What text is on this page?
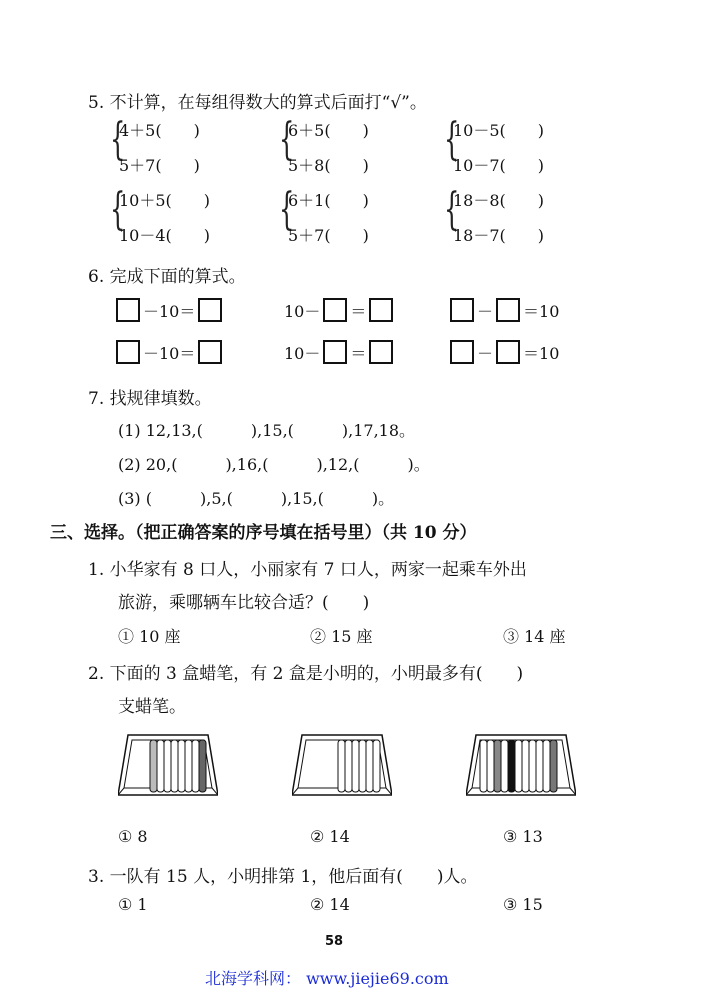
5. 不计算，在每组得数大的算式后面打“√”。
{
4＋5(　　)
5＋7(　　)
{
6＋5(　　)
5＋8(　　)
{
10－5(　　)
10－7(　　)
{
10＋5(　　)
10－4(　　)
{
6＋1(　　)
5＋7(　　)
{
18－8(　　)
18－7(　　)
6. 完成下面的算式。
－10＝	10－ ＝	－ ＝10
－10＝	10－ ＝	－ ＝10
7. 找规律填数。
(1) 12,13,(　　　),15,(　　　),17,18。
(2) 20,(　　　),16,(　　　),12,(　　　)。
(3) (　　　),5,(　　　),15,(　　　)。
三、选择。（把正确答案的序号填在括号里）（共 10 分）
1. 小华家有 8 口人，小丽家有 7 口人，两家一起乘车外出
旅游，乘哪辆车比较合适？(　　)
① 10 座	② 15 座	③ 14 座
2. 下面的 3 盒蜡笔，有 2 盒是小明的，小明最多有(　　)
支蜡笔。
① 8	② 14	③ 13
3. 一队有 15 人，小明排第 1，他后面有(　　)人。
① 1	② 14	③ 15
58
北海学科网： www.jiejie69.com
